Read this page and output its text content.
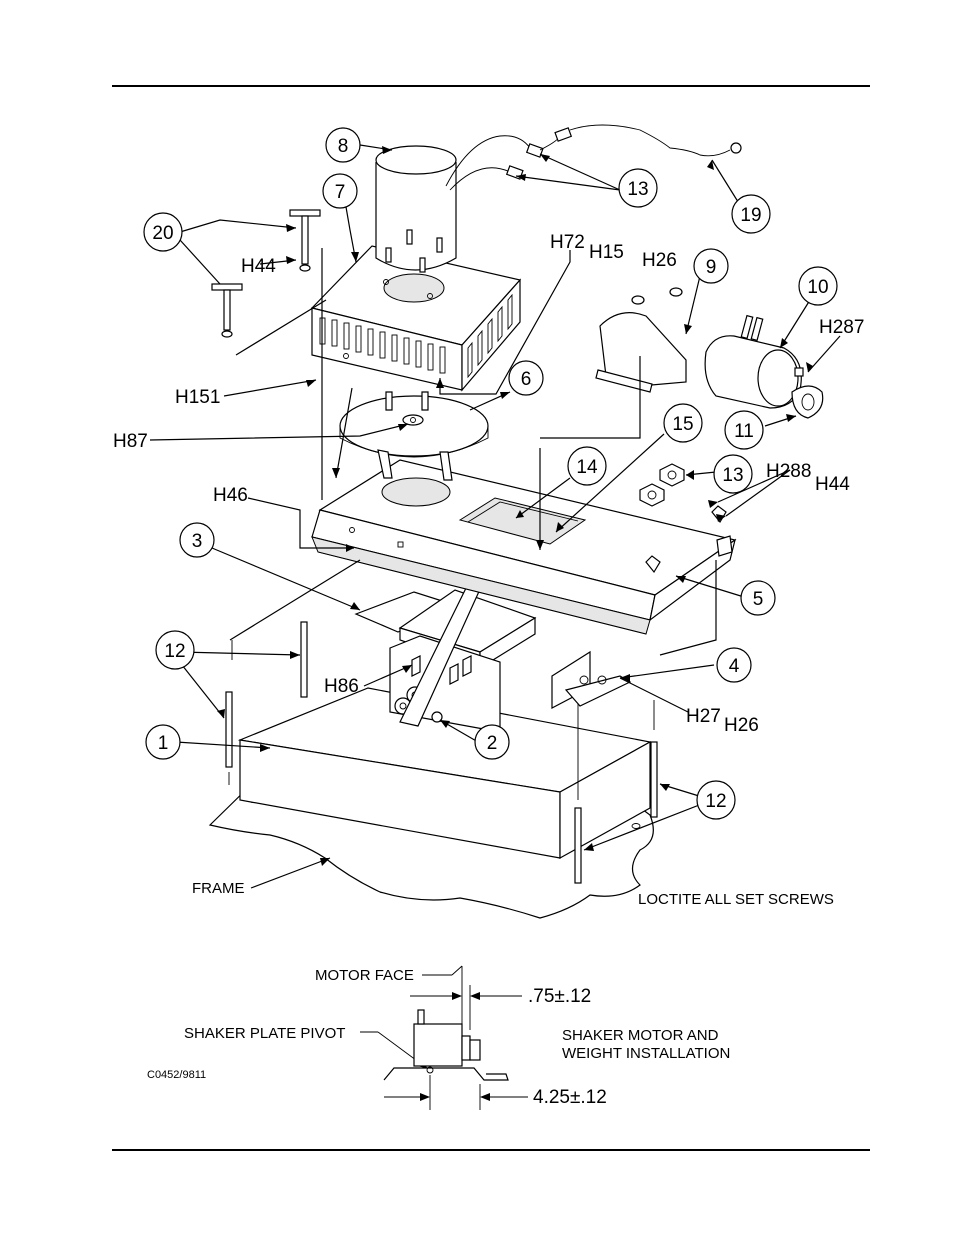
8
7	13
19
20
9
10
6
15 11
14	13
3
5
12
4
1	2
12
H44
H72 H15 H26
H287
H151
H87
H46
H288
H44
H86
H27 H26
FRAME
LOCTITE ALL SET SCREWS
MOTOR FACE
.75±.12
SHAKER PLATE PIVOT
4.25±.12
SHAKER MOTOR AND
WEIGHT INSTALLATION
C0452/9811
